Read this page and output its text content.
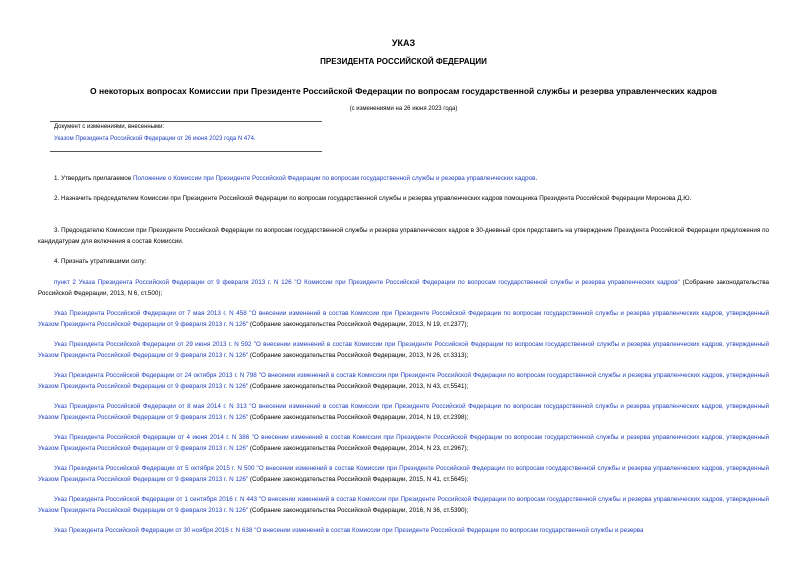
УКАЗ
ПРЕЗИДЕНТА РОССИЙСКОЙ ФЕДЕРАЦИИ
О некоторых вопросах Комиссии при Президенте Российской Федерации по вопросам государственной службы и резерва управленческих кадров
(с изменениями на 26 июня 2023 года)
Документ с изменениями, внесенными:
Указом Президента Российской Федерации от 26 июня 2023 года N 474.
1. Утвердить прилагаемое Положение о Комиссии при Президенте Российской Федерации по вопросам государственной службы и резерва управленческих кадров.
2. Назначить председателем Комиссии при Президенте Российской Федерации по вопросам государственной службы и резерва управленческих кадров помощника Президента Российской Федерации Миронова Д.Ю.
3. Председателю Комиссии при Президенте Российской Федерации по вопросам государственной службы и резерва управленческих кадров в 30-дневный срок представить на утверждение Президента Российской Федерации предложения по кандидатурам для включения в состав Комиссии.
4. Признать утратившими силу:
пункт 2 Указа Президента Российской Федерации от 9 февраля 2013 г. N 126 "О Комиссии при Президенте Российской Федерации по вопросам государственной службы и резерва управленческих кадров" (Собрание законодательства Российской Федерации, 2013, N 6, ст.500);
Указ Президента Российской Федерации от 7 мая 2013 г. N 458 "О внесении изменений в состав Комиссии при Президенте Российской Федерации по вопросам государственной службы и резерва управленческих кадров, утвержденный Указом Президента Российской Федерации от 9 февраля 2013 г. N 126" (Собрание законодательства Российской Федерации, 2013, N 19, ст.2377);
Указ Президента Российской Федерации от 29 июня 2013 г. N 592 "О внесении изменений в состав Комиссии при Президенте Российской Федерации по вопросам государственной службы и резерва управленческих кадров, утвержденный Указом Президента Российской Федерации от 9 февраля 2013 г. N 126" (Собрание законодательства Российской Федерации, 2013, N 26, ст.3313);
Указ Президента Российской Федерации от 24 октября 2013 г. N 798 "О внесении изменений в состав Комиссии при Президенте Российской Федерации по вопросам государственной службы и резерва управленческих кадров, утвержденный Указом Президента Российской Федерации от 9 февраля 2013 г. N 126" (Собрание законодательства Российской Федерации, 2013, N 43, ст.5541);
Указ Президента Российской Федерации от 8 мая 2014 г. N 313 "О внесении изменений в состав Комиссии при Президенте Российской Федерации по вопросам государственной службы и резерва управленческих кадров, утвержденный Указом Президента Российской Федерации от 9 февраля 2013 г. N 126" (Собрание законодательства Российской Федерации, 2014, N 19, ст.2398);
Указ Президента Российской Федерации от 4 июня 2014 г. N 386 "О внесении изменений в состав Комиссии при Президенте Российской Федерации по вопросам государственной службы и резерва управленческих кадров, утвержденный Указом Президента Российской Федерации от 9 февраля 2013 г. N 126" (Собрание законодательства Российской Федерации, 2014, N 23, ст.2967);
Указ Президента Российской Федерации от 5 октября 2015 г. N 500 "О внесении изменений в состав Комиссии при Президенте Российской Федерации по вопросам государственной службы и резерва управленческих кадров, утвержденный Указом Президента Российской Федерации от 9 февраля 2013 г. N 126" (Собрание законодательства Российской Федерации, 2015, N 41, ст.5645);
Указ Президента Российской Федерации от 1 сентября 2016 г. N 443 "О внесении изменений в состав Комиссии при Президенте Российской Федерации по вопросам государственной службы и резерва управленческих кадров, утвержденный Указом Президента Российской Федерации от 9 февраля 2013 г. N 126" (Собрание законодательства Российской Федерации, 2016, N 36, ст.5390);
Указ Президента Российской Федерации от 30 ноября 2016 г. N 638 "О внесении изменений в состав Комиссии при Президенте Российской Федерации по вопросам государственной службы и резерва
